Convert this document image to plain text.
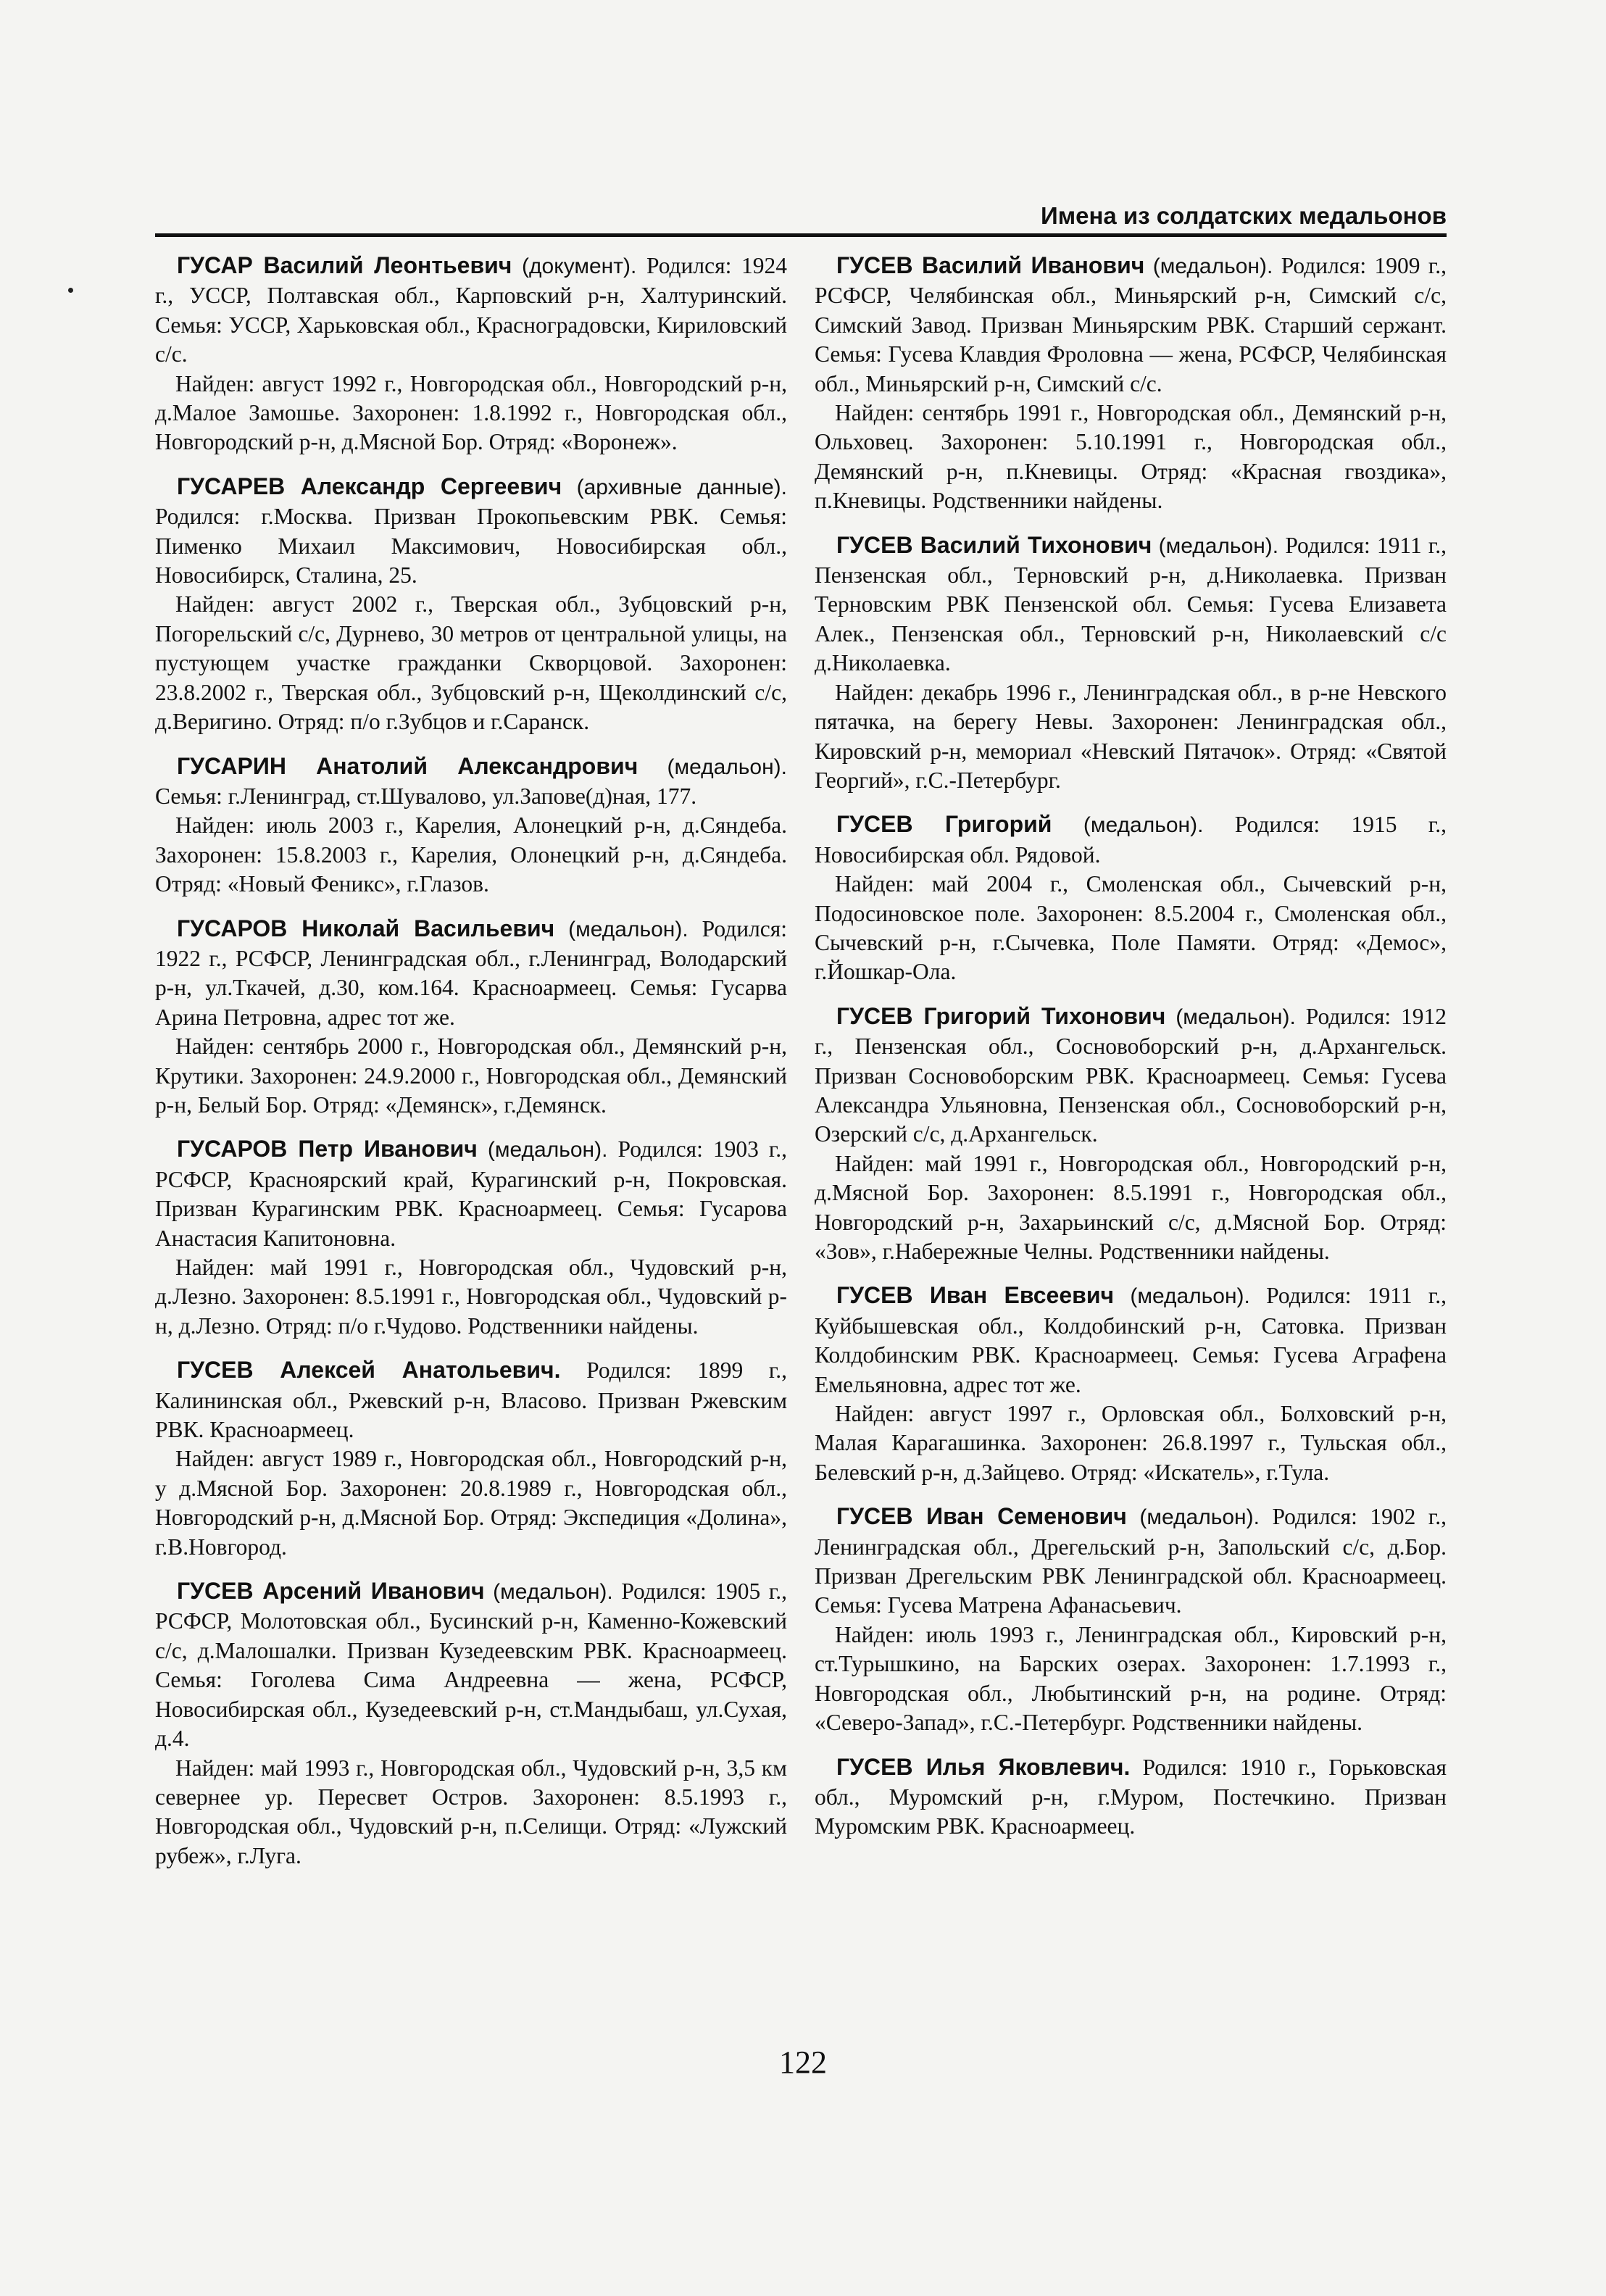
Имена из солдатских медальонов

ГУСАР Василий Леонтьевич (документ). Родился: 1924 г., УССР, Полтавская обл., Карповский р-н, Халтуринский. Семья: УССР, Харьковская обл., Красноградовски, Кириловский с/с.

Найден: август 1992 г., Новгородская обл., Новгородский р-н, д.Малое Замошье. Захоронен: 1.8.1992 г., Новгородская обл., Новгородский р-н, д.Мясной Бор. Отряд: «Воронеж».

ГУСАРЕВ Александр Сергеевич (архивные данные). Родился: г.Москва. Призван Прокопьевским РВК. Семья: Пименко Михаил Максимович, Новосибирская обл., Новосибирск, Сталина, 25.

Найден: август 2002 г., Тверская обл., Зубцовский р-н, Погорельский с/с, Дурнево, 30 метров от центральной улицы, на пустующем участке гражданки Скворцовой. Захоронен: 23.8.2002 г., Тверская обл., Зубцовский р-н, Щеколдинский с/с, д.Веригино. Отряд: п/о г.Зубцов и г.Саранск.

ГУСАРИН Анатолий Александрович (медальон). Семья: г.Ленинград, ст.Шувалово, ул.Запове(д)ная, 177.

Найден: июль 2003 г., Карелия, Алонецкий р-н, д.Сяндеба. Захоронен: 15.8.2003 г., Карелия, Олонецкий р-н, д.Сяндеба. Отряд: «Новый Феникс», г.Глазов.

ГУСАРОВ Николай Васильевич (медальон). Родился: 1922 г., РСФСР, Ленинградская обл., г.Ленинград, Володарский р-н, ул.Ткачей, д.30, ком.164. Красноармеец. Семья: Гусарва Арина Петровна, адрес тот же.

Найден: сентябрь 2000 г., Новгородская обл., Демянский р-н, Крутики. Захоронен: 24.9.2000 г., Новгородская обл., Демянский р-н, Белый Бор. Отряд: «Демянск», г.Демянск.

ГУСАРОВ Петр Иванович (медальон). Родился: 1903 г., РСФСР, Красноярский край, Курагинский р-н, Покровская. Призван Курагинским РВК. Красноармеец. Семья: Гусарова Анастасия Капитоновна.

Найден: май 1991 г., Новгородская обл., Чудовский р-н, д.Лезно. Захоронен: 8.5.1991 г., Новгородская обл., Чудовский р-н, д.Лезно. Отряд: п/о г.Чудово. Родственники найдены.

ГУСЕВ Алексей Анатольевич. Родился: 1899 г., Калининская обл., Ржевский р-н, Власово. Призван Ржевским РВК. Красноармеец.

Найден: август 1989 г., Новгородская обл., Новгородский р-н, у д.Мясной Бор. Захоронен: 20.8.1989 г., Новгородская обл., Новгородский р-н, д.Мясной Бор. Отряд: Экспедиция «Долина», г.В.Новгород.

ГУСЕВ Арсений Иванович (медальон). Родился: 1905 г., РСФСР, Молотовская обл., Бусинский р-н, Каменно-Кожевский с/с, д.Малошалки. Призван Кузедеевским РВК. Красноармеец. Семья: Гоголева Сима Андреевна — жена, РСФСР, Новосибирская обл., Кузедеевский р-н, ст.Мандыбаш, ул.Сухая, д.4.

Найден: май 1993 г., Новгородская обл., Чудовский р-н, 3,5 км севернее ур. Пересвет Остров. Захоронен: 8.5.1993 г., Новгородская обл., Чудовский р-н, п.Селищи. Отряд: «Лужский рубеж», г.Луга.

ГУСЕВ Василий Иванович (медальон). Родился: 1909 г., РСФСР, Челябинская обл., Миньярский р-н, Симский с/с, Симский Завод. Призван Миньярским РВК. Старший сержант. Семья: Гусева Клавдия Фроловна — жена, РСФСР, Челябинская обл., Миньярский р-н, Симский с/с.

Найден: сентябрь 1991 г., Новгородская обл., Демянский р-н, Ольховец. Захоронен: 5.10.1991 г., Новгородская обл., Демянский р-н, п.Кневицы. Отряд: «Красная гвоздика», п.Кневицы. Родственники найдены.

ГУСЕВ Василий Тихонович (медальон). Родился: 1911 г., Пензенская обл., Терновский р-н, д.Николаевка. Призван Терновским РВК Пензенской обл. Семья: Гусева Елизавета Алек., Пензенская обл., Терновский р-н, Николаевский с/с д.Николаевка.

Найден: декабрь 1996 г., Ленинградская обл., в р-не Невского пятачка, на берегу Невы. Захоронен: Ленинградская обл., Кировский р-н, мемориал «Невский Пятачок». Отряд: «Святой Георгий», г.С.-Петербург.

ГУСЕВ Григорий (медальон). Родился: 1915 г., Новосибирская обл. Рядовой.

Найден: май 2004 г., Смоленская обл., Сычевский р-н, Подосиновское поле. Захоронен: 8.5.2004 г., Смоленская обл., Сычевский р-н, г.Сычевка, Поле Памяти. Отряд: «Демос», г.Йошкар-Ола.

ГУСЕВ Григорий Тихонович (медальон). Родился: 1912 г., Пензенская обл., Сосновоборский р-н, д.Архангельск. Призван Сосновоборским РВК. Красноармеец. Семья: Гусева Александра Ульяновна, Пензенская обл., Сосновоборский р-н, Озерский с/с, д.Архангельск.

Найден: май 1991 г., Новгородская обл., Новгородский р-н, д.Мясной Бор. Захоронен: 8.5.1991 г., Новгородская обл., Новгородский р-н, Захарьинский с/с, д.Мясной Бор. Отряд: «Зов», г.Набережные Челны. Родственники найдены.

ГУСЕВ Иван Евсеевич (медальон). Родился: 1911 г., Куйбышевская обл., Колдобинский р-н, Сатовка. Призван Колдобинским РВК. Красноармеец. Семья: Гусева Аграфена Емельяновна, адрес тот же.

Найден: август 1997 г., Орловская обл., Болховский р-н, Малая Карагашинка. Захоронен: 26.8.1997 г., Тульская обл., Белевский р-н, д.Зайцево. Отряд: «Искатель», г.Тула.

ГУСЕВ Иван Семенович (медальон). Родился: 1902 г., Ленинградская обл., Дрегельский р-н, Запольский с/с, д.Бор. Призван Дрегельским РВК Ленинградской обл. Красноармеец. Семья: Гусева Матрена Афанасьевич.

Найден: июль 1993 г., Ленинградская обл., Кировский р-н, ст.Турышкино, на Барских озерах. Захоронен: 1.7.1993 г., Новгородская обл., Любытинский р-н, на родине. Отряд: «Северо-Запад», г.С.-Петербург. Родственники найдены.

ГУСЕВ Илья Яковлевич. Родился: 1910 г., Горьковская обл., Муромский р-н, г.Муром, Постечкино. Призван Муромским РВК. Красноармеец.

122
